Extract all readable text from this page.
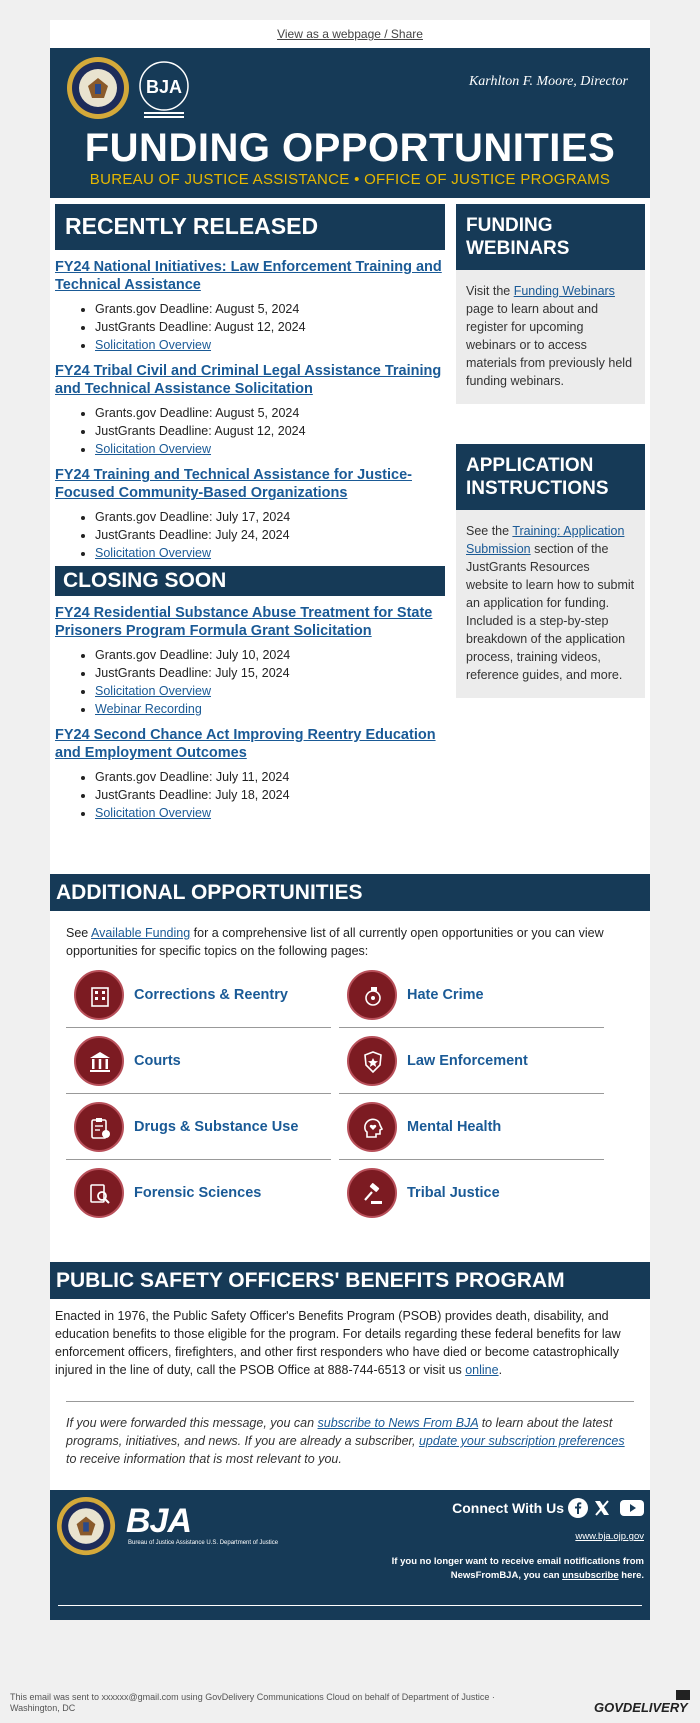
View as a webpage / Share
BJA	Karhlton F. Moore, Director
FUNDING OPPORTUNITIES
BUREAU OF JUSTICE ASSISTANCE • OFFICE OF JUSTICE PROGRAMS
RECENTLY RELEASED
FY24 National Initiatives: Law Enforcement Training and Technical Assistance
• Grants.gov Deadline: August 5, 2024
• JustGrants Deadline: August 12, 2024
• Solicitation Overview
FY24 Tribal Civil and Criminal Legal Assistance Training and Technical Assistance Solicitation
• Grants.gov Deadline: August 5, 2024
• JustGrants Deadline: August 12, 2024
• Solicitation Overview
FY24 Training and Technical Assistance for Justice-Focused Community-Based Organizations
• Grants.gov Deadline: July 17, 2024
• JustGrants Deadline: July 24, 2024
• Solicitation Overview
CLOSING SOON
FY24 Residential Substance Abuse Treatment for State Prisoners Program Formula Grant Solicitation
• Grants.gov Deadline: July 10, 2024
• JustGrants Deadline: July 15, 2024
• Solicitation Overview
• Webinar Recording
FY24 Second Chance Act Improving Reentry Education and Employment Outcomes
• Grants.gov Deadline: July 11, 2024
• JustGrants Deadline: July 18, 2024
• Solicitation Overview
FUNDING WEBINARS
Visit the Funding Webinars page to learn about and register for upcoming webinars or to access materials from previously held funding webinars.
APPLICATION INSTRUCTIONS
See the Training: Application Submission section of the JustGrants Resources website to learn how to submit an application for funding. Included is a step-by-step breakdown of the application process, training videos, reference guides, and more.
ADDITIONAL OPPORTUNITIES
See Available Funding for a comprehensive list of all currently open opportunities or you can view opportunities for specific topics on the following pages:
Corrections & Reentry	Hate Crime
Courts	Law Enforcement
Drugs & Substance Use	Mental Health
Forensic Sciences	Tribal Justice
PUBLIC SAFETY OFFICERS' BENEFITS PROGRAM
Enacted in 1976, the Public Safety Officer's Benefits Program (PSOB) provides death, disability, and education benefits to those eligible for the program. For details regarding these federal benefits for law enforcement officers, firefighters, and other first responders who have died or become catastrophically injured in the line of duty, call the PSOB Office at 888-744-6513 or visit us online.
If you were forwarded this message, you can subscribe to News From BJA to learn about the latest programs, initiatives, and news. If you are already a subscriber, update your subscription preferences to receive information that is most relevant to you.
BJA
Bureau of Justice Assistance U.S. Department of Justice
Connect With Us
www.bja.ojp.gov
If you no longer want to receive email notifications from NewsFromBJA, you can unsubscribe here.
This email was sent to xxxxxx@gmail.com using GovDelivery Communications Cloud on behalf of Department of Justice · Washington, DC	GOVDELIVERY
